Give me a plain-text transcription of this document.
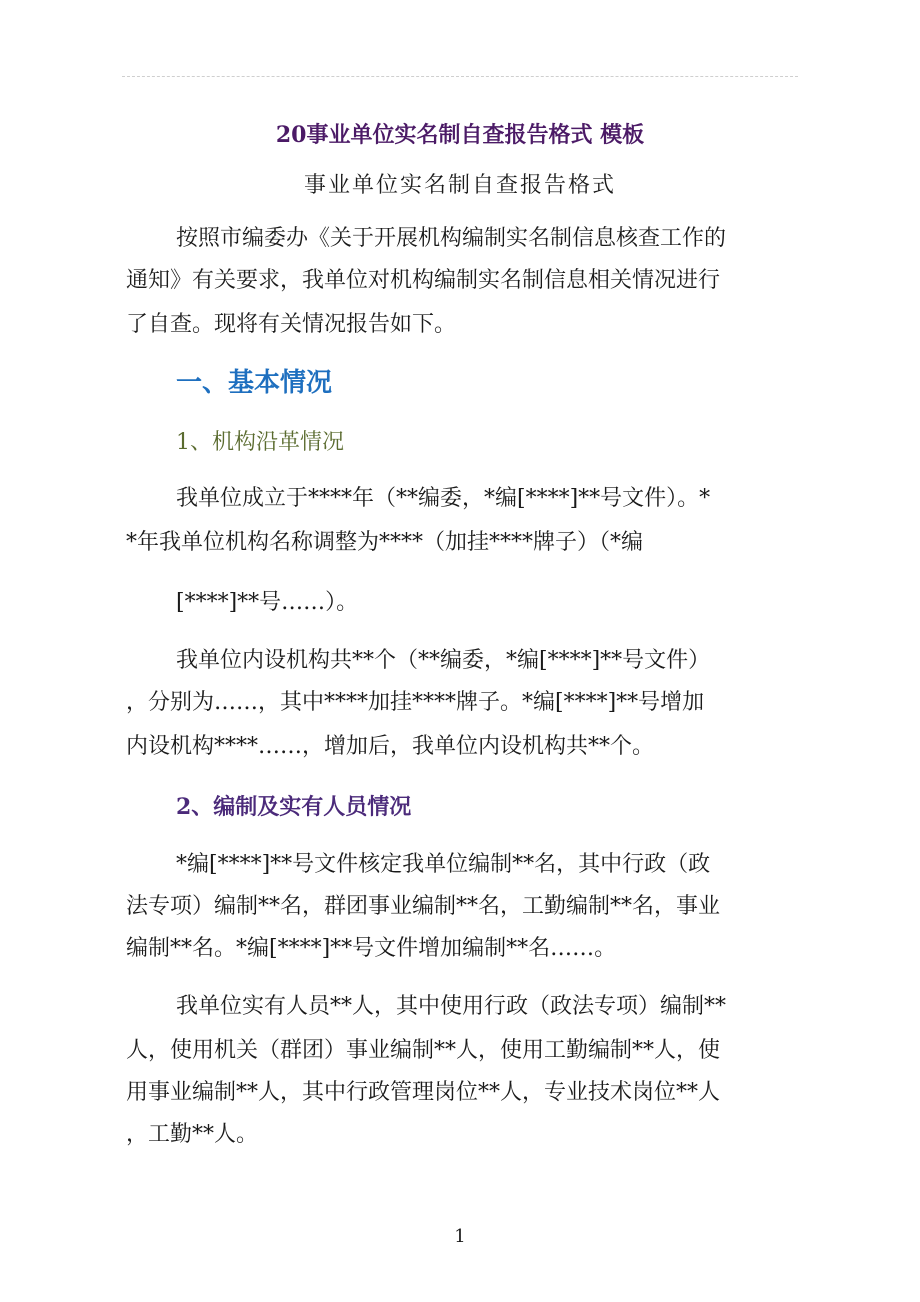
20事业单位实名制自查报告格式 模板
事业单位实名制自查报告格式
按照市编委办《关于开展机构编制实名制信息核查工作的
通知》有关要求，我单位对机构编制实名制信息相关情况进行
了自查。现将有关情况报告如下。
一、基本情况
1、机构沿革情况
我单位成立于****年（**编委，*编[****]**号文件）。*
*年我单位机构名称调整为****（加挂****牌子）（*编
[****]**号……）。
我单位内设机构共**个（**编委，*编[****]**号文件）
，分别为……，其中****加挂****牌子。*编[****]**号增加
内设机构****……，增加后，我单位内设机构共**个。
2、编制及实有人员情况
*编[****]**号文件核定我单位编制**名，其中行政（政
法专项）编制**名，群团事业编制**名，工勤编制**名，事业
编制**名。*编[****]**号文件增加编制**名……。
我单位实有人员**人，其中使用行政（政法专项）编制**
人，使用机关（群团）事业编制**人，使用工勤编制**人，使
用事业编制**人，其中行政管理岗位**人，专业技术岗位**人
，工勤**人。
1
